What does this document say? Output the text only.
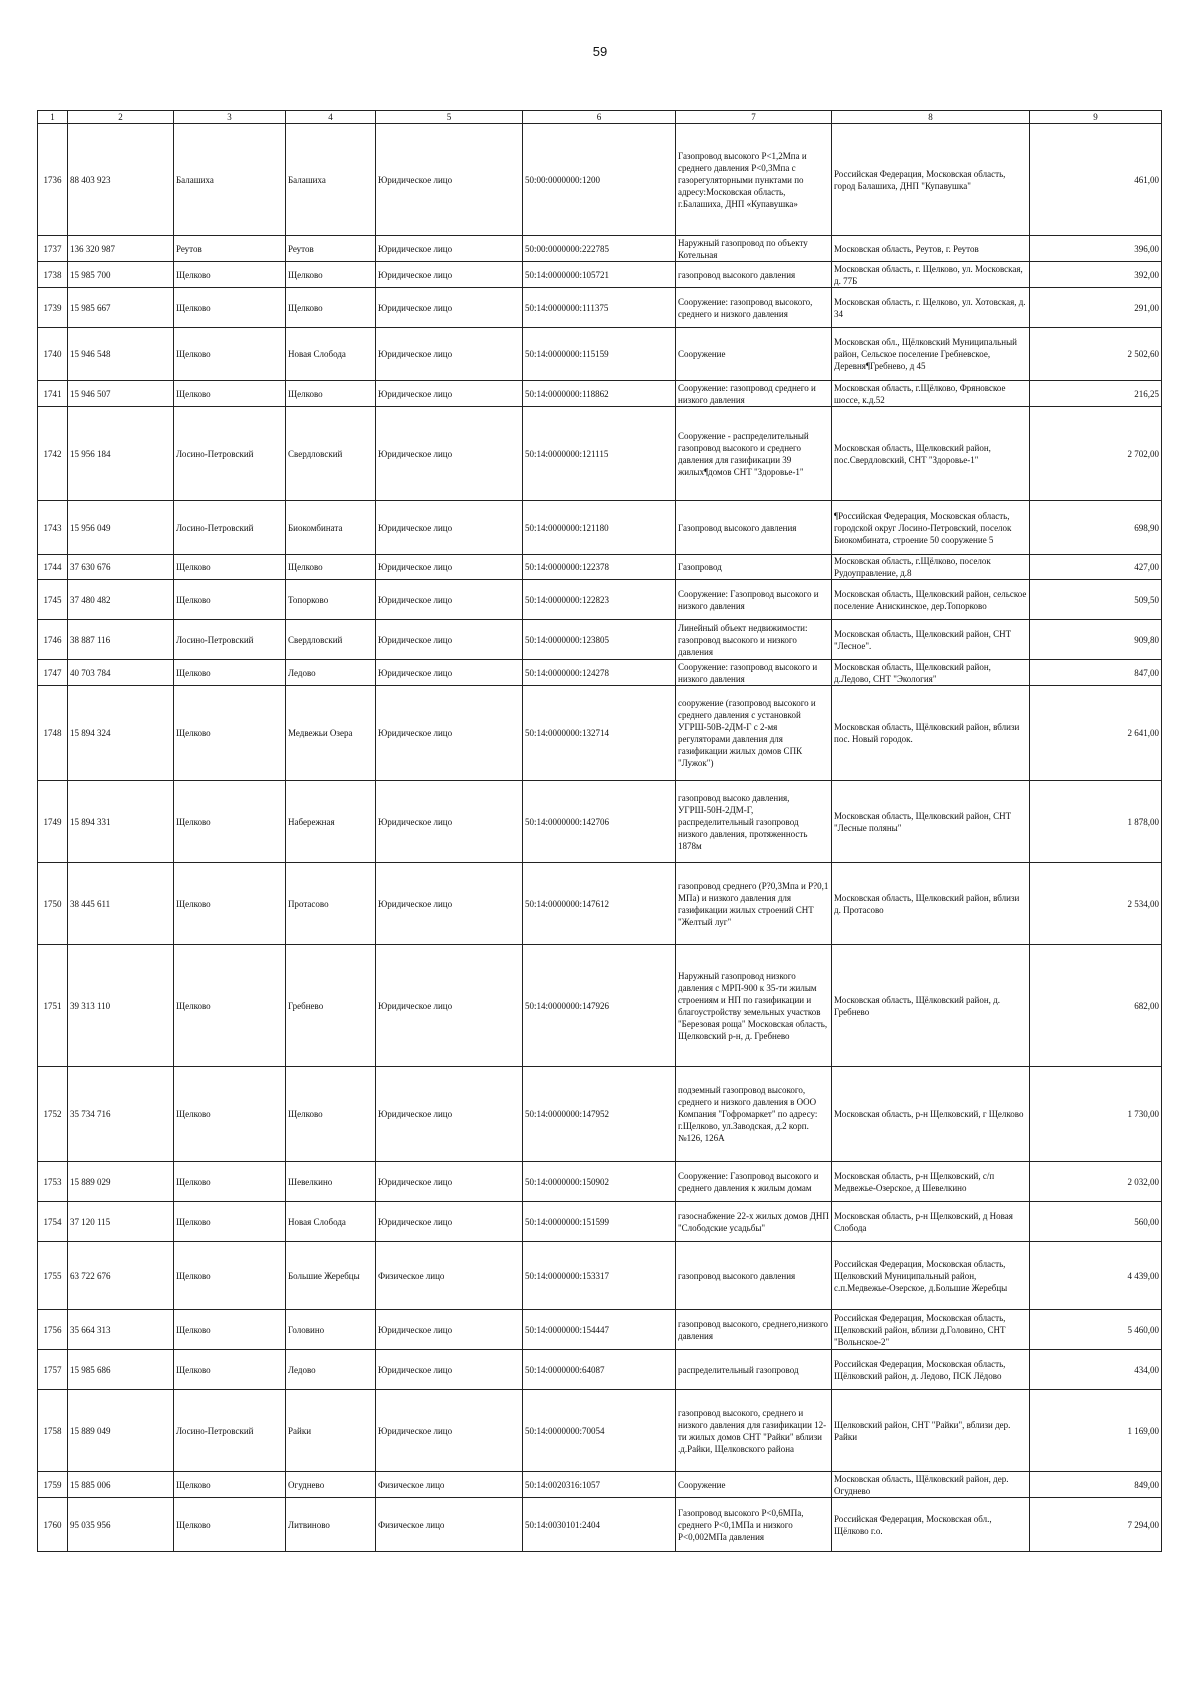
59
1	2	3	4	5	6	7	8	9
1736	88 403 923	Балашиха	Балашиха	Юридическое лицо	50:00:0000000:1200	Газопровод высокого Р<1,2Мпа и среднего давления Р<0,3Мпа с газорегуляторными пунктами по адресу:Московская область, г.Балашиха, ДНП «Купавушка»	Российская Федерация, Московская область, город Балашиха, ДНП "Купавушка"	461,00
1737	136 320 987	Реутов	Реутов	Юридическое лицо	50:00:0000000:222785	Наружный газопровод по объекту Котельная	Московская область, Реутов, г. Реутов	396,00
1738	15 985 700	Щелково	Щелково	Юридическое лицо	50:14:0000000:105721	газопровод высокого давления	Московская область, г. Щелково, ул. Московская, д. 77Б	392,00
1739	15 985 667	Щелково	Щелково	Юридическое лицо	50:14:0000000:111375	Сооружение: газопровод высокого, среднего и низкого давления	Московская область, г. Щелково, ул. Хотовская, д. 34	291,00
1740	15 946 548	Щелково	Новая Слобода	Юридическое лицо	50:14:0000000:115159	Сооружение	Московская обл., Щёлковский Муниципальный район, Сельское поселение Гребневское, Деревня¶Гребнево, д 45	2 502,60
1741	15 946 507	Щелково	Щелково	Юридическое лицо	50:14:0000000:118862	Сооружение: газопровод среднего и низкого давления	Московская область, г.Щёлково, Фряновское шоссе, к.д.52	216,25
1742	15 956 184	Лосино-Петровский	Свердловский	Юридическое лицо	50:14:0000000:121115	Сооружение - распределительный газопровод высокого и среднего давления для газификации 39 жилых¶домов СНТ "Здоровье-1"	Московская область, Щелковский район, пос.Свердловский, СНТ "Здоровье-1"	2 702,00
1743	15 956 049	Лосино-Петровский	Биокомбината	Юридическое лицо	50:14:0000000:121180	Газопровод высокого давления	¶Российская Федерация, Московская область, городской округ Лосино-Петровский, поселок Биокомбината, строение 50 сооружение 5	698,90
1744	37 630 676	Щелково	Щелково	Юридическое лицо	50:14:0000000:122378	Газопровод	Московская область, г.Щёлково, поселок Рудоуправление, д.8	427,00
1745	37 480 482	Щелково	Топорково	Юридическое лицо	50:14:0000000:122823	Сооружение: Газопровод высокого и низкого давления	Московская область, Щелковский район, сельское поселение Анискинское, дер.Топорково	509,50
1746	38 887 116	Лосино-Петровский	Свердловский	Юридическое лицо	50:14:0000000:123805	Линейный объект недвижимости: газопровод высокого и низкого давления	Московская область, Щелковский район, СНТ "Лесное".	909,80
1747	40 703 784	Щелково	Ледово	Юридическое лицо	50:14:0000000:124278	Сооружение: газопровод высокого и низкого давления	Московская область, Щелковский район, д.Ледово, СНТ "Экология"	847,00
1748	15 894 324	Щелково	Медвежьи Озера	Юридическое лицо	50:14:0000000:132714	сооружение (газопровод высокого и среднего давления с установкой УГРШ-50В-2ДМ-Г с 2-мя регуляторами давления для газификации жилых домов СПК "Лужок")	Московская область, Щёлковский район, вблизи пос. Новый городок.	2 641,00
1749	15 894 331	Щелково	Набережная	Юридическое лицо	50:14:0000000:142706	газопровод высоко давления, УГРШ-50Н-2ДМ-Г, распределительный газопровод низкого давления, протяженность 1878м	Московская область, Щелковский район, СНТ "Лесные поляны"	1 878,00
1750	38 445 611	Щелково	Протасово	Юридическое лицо	50:14:0000000:147612	газопровод среднего (Р?0,3Мпа и Р?0,1 МПа) и низкого давления для газификации жилых строений СНТ "Желтый луг"	Московская область, Щелковский район, вблизи д. Протасово	2 534,00
1751	39 313 110	Щелково	Гребнево	Юридическое лицо	50:14:0000000:147926	Наружный газопровод низкого давления с МРП-900 к 35-ти жилым строениям и НП по газификации и благоустройству земельных участков "Березовая роща" Московская область, Щелковский р-н, д. Гребнево	Московская область, Щёлковский район, д. Гребнево	682,00
1752	35 734 716	Щелково	Щелково	Юридическое лицо	50:14:0000000:147952	подземный газопровод высокого, среднего и низкого давления в ООО Компания "Гофромаркет" по адресу: г.Щелково, ул.Заводская, д.2 корп.№126, 126А	Московская область, р-н Щелковский, г Щелково	1 730,00
1753	15 889 029	Щелково	Шевелкино	Юридическое лицо	50:14:0000000:150902	Сооружение: Газопровод высокого и среднего давления к жилым домам	Московская область, р-н Щелковский, с/п Медвежье-Озерское, д Шевелкино	2 032,00
1754	37 120 115	Щелково	Новая Слобода	Юридическое лицо	50:14:0000000:151599	газоснабжение 22-х жилых домов ДНП "Слободские усадьбы"	Московская область, р-н Щелковский, д Новая Слобода	560,00
1755	63 722 676	Щелково	Большие Жеребцы	Физическое лицо	50:14:0000000:153317	газопровод высокого давления	Российская Федерация, Московская область, Щелковский Муниципальный район, с.п.Медвежье-Озерское, д.Большие Жеребцы	4 439,00
1756	35 664 313	Щелково	Головино	Юридическое лицо	50:14:0000000:154447	газопровод высокого, среднего,низкого давления	Российская Федерация, Московская область, Щелковский район, вблизи д.Головино, СНТ "Вольнское-2"	5 460,00
1757	15 985 686	Щелково	Ледово	Юридическое лицо	50:14:0000000:64087	распределительный газопровод	Российская Федерация, Московская область, Щёлковский район, д. Ледово, ПСК Лёдово	434,00
1758	15 889 049	Лосино-Петровский	Райки	Юридическое лицо	50:14:0000000:70054	газопровод высокого, среднего и низкого давления для газификации 12-ти жилых домов СНТ "Райки" вблизи .д.Райки, Щелковского района	Щелковский район, СНТ "Райки", вблизи дер. Райки	1 169,00
1759	15 885 006	Щелково	Огуднево	Физическое лицо	50:14:0020316:1057	Сооружение	Московская область, Щёлковский район, дер. Огуднево	849,00
1760	95 035 956	Щелково	Литвиново	Физическое лицо	50:14:0030101:2404	Газопровод высокого Р<0,6МПа, среднего Р<0,1МПа и низкого Р<0,002МПа давления	Российская Федерация, Московская обл., Щёлково г.о.	7 294,00
